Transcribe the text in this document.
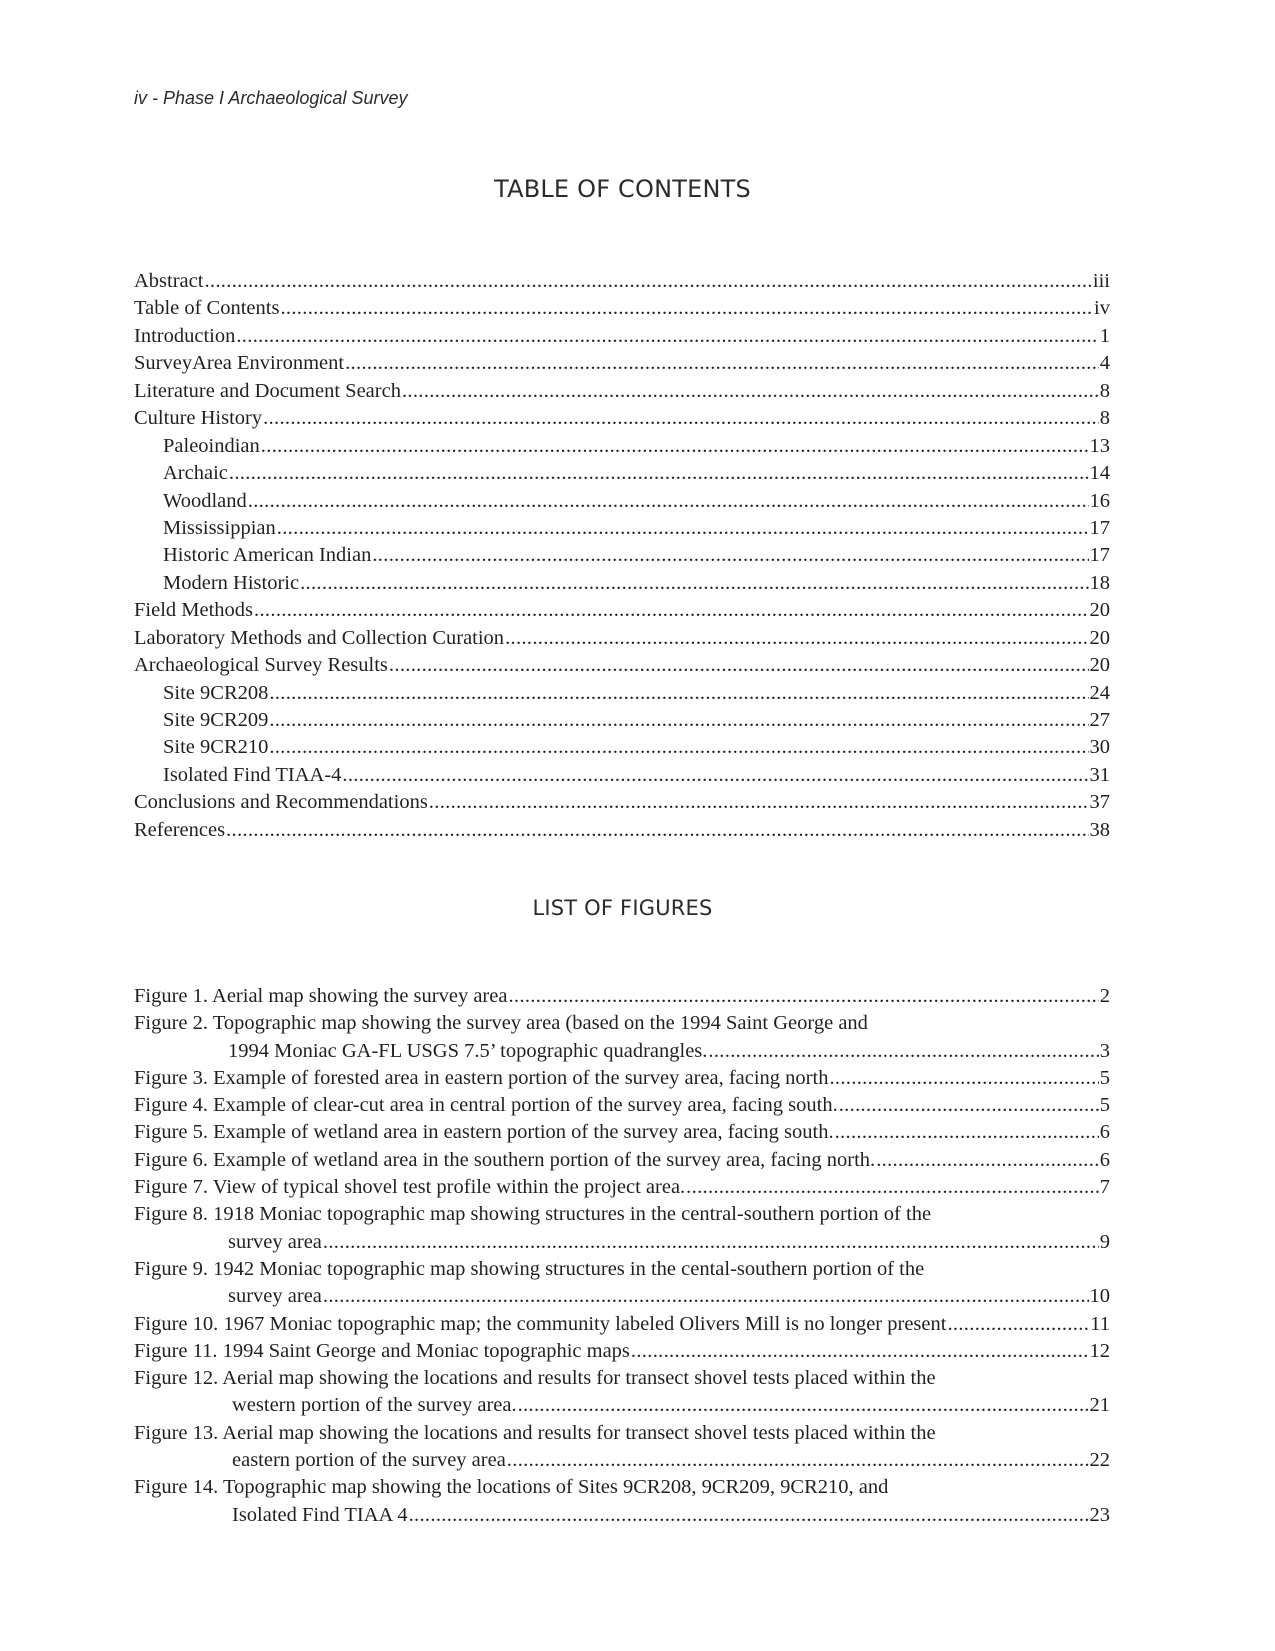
iv - Phase I Archaeological Survey
TABLE OF CONTENTS
Abstract . . .	iii
Table of Contents . . .	iv
Introduction . . .	1
SurveyArea Environment . . .	4
Literature and Document Search . . .	8
Culture History . . .	8
Paleoindian . . .	13
Archaic . . .	14
Woodland . . .	16
Mississippian . . .	17
Historic American Indian . . .	17
Modern Historic . . .	18
Field Methods . . .	20
Laboratory Methods and Collection Curation . . .	20
Archaeological Survey Results . . .	20
Site 9CR208 . . .	24
Site 9CR209 . . .	27
Site 9CR210 . . .	30
Isolated Find TIAA-4 . . .	31
Conclusions and Recommendations . . .	37
References . . .	38
LIST OF FIGURES
Figure 1. Aerial map showing the survey area . . .	2
Figure 2. Topographic map showing the survey area (based on the 1994 Saint George and
1994 Moniac GA-FL USGS 7.5’ topographic quadrangles. . . .	3
Figure 3. Example of forested area in eastern portion of the survey area, facing north . . .	5
Figure 4. Example of clear-cut area in central portion of the survey area, facing south. . . .	5
Figure 5. Example of wetland area in eastern portion of the survey area, facing south. . . .	6
Figure 6. Example of wetland area in the southern portion of the survey area, facing north. . . .	6
Figure 7. View of typical shovel test profile within the project area. . . .	7
Figure 8. 1918 Moniac topographic map showing structures in the central-southern portion of the
survey area . . .	9
Figure 9. 1942 Moniac topographic map showing structures in the cental-southern portion of the
survey area . . .	10
Figure 10. 1967 Moniac topographic map; the community labeled Olivers Mill is no longer present . . .	11
Figure 11. 1994 Saint George and Moniac topographic maps . . .	12
Figure 12. Aerial map showing the locations and results for transect shovel tests placed within the
western portion of the survey area. . . .	21
Figure 13. Aerial map showing the locations and results for transect shovel tests placed within the
eastern portion of the survey area . . .	22
Figure 14. Topographic map showing the locations of Sites 9CR208, 9CR209, 9CR210, and
Isolated Find TIAA 4 . . .	23
